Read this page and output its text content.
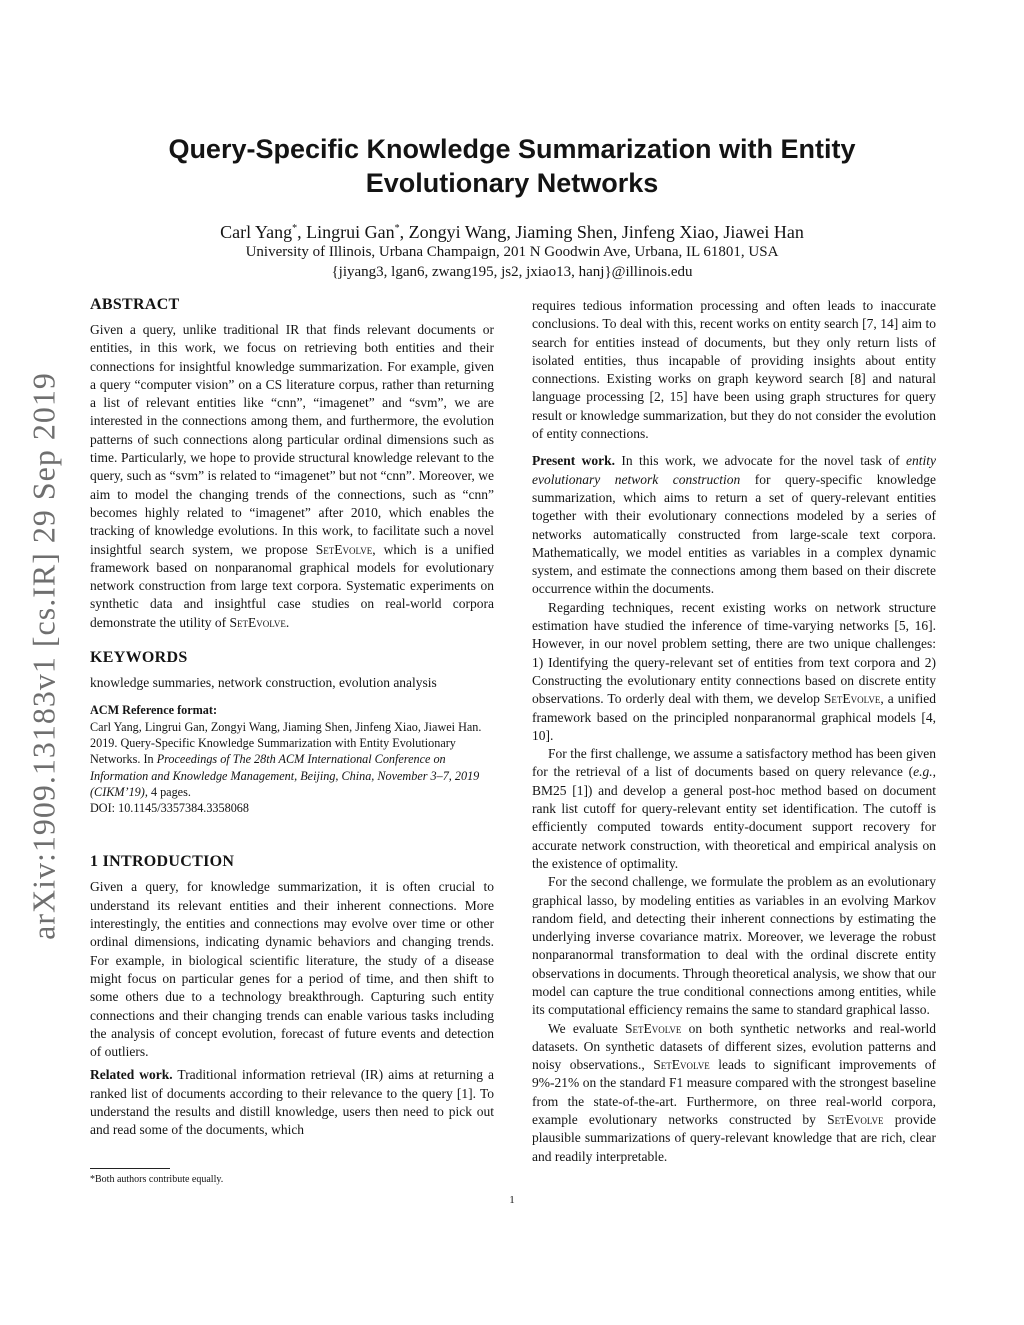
arXiv:1909.13183v1 [cs.IR] 29 Sep 2019
Query-Specific Knowledge Summarization with Entity Evolutionary Networks
Carl Yang*, Lingrui Gan*, Zongyi Wang, Jiaming Shen, Jinfeng Xiao, Jiawei Han
University of Illinois, Urbana Champaign, 201 N Goodwin Ave, Urbana, IL 61801, USA
{jiyang3, lgan6, zwang195, js2, jxiao13, hanj}@illinois.edu
ABSTRACT

Given a query, unlike traditional IR that finds relevant documents or entities, in this work, we focus on retrieving both entities and their connections for insightful knowledge summarization. For example, given a query “computer vision” on a CS literature corpus, rather than returning a list of relevant entities like “cnn”, “imagenet” and “svm”, we are interested in the connections among them, and furthermore, the evolution patterns of such connections along particular ordinal dimensions such as time. Particularly, we hope to provide structural knowledge relevant to the query, such as “svm” is related to “imagenet” but not “cnn”. Moreover, we aim to model the changing trends of the connections, such as “cnn” becomes highly related to “imagenet” after 2010, which enables the tracking of knowledge evolutions. In this work, to facilitate such a novel insightful search system, we propose SetEvolve, which is a unified framework based on nonparanomal graphical models for evolutionary network construction from large text corpora. Systematic experiments on synthetic data and insightful case studies on real-world corpora demonstrate the utility of SetEvolve.

KEYWORDS

knowledge summaries, network construction, evolution analysis

ACM Reference format:

Carl Yang, Lingrui Gan, Zongyi Wang, Jiaming Shen, Jinfeng Xiao, Jiawei Han. 2019. Query-Specific Knowledge Summarization with Entity Evolutionary Networks. In Proceedings of The 28th ACM International Conference on Information and Knowledge Management, Beijing, China, November 3–7, 2019 (CIKM’19), 4 pages.

DOI: 10.1145/3357384.3358068

1 INTRODUCTION

Given a query, for knowledge summarization, it is often crucial to understand its relevant entities and their inherent connections. More interestingly, the entities and connections may evolve over time or other ordinal dimensions, indicating dynamic behaviors and changing trends. For example, in biological scientific literature, the study of a disease might focus on particular genes for a period of time, and then shift to some others due to a technology breakthrough. Capturing such entity connections and their changing trends can enable various tasks including the analysis of concept evolution, forecast of future events and detection of outliers.

Related work. Traditional information retrieval (IR) aims at returning a ranked list of documents according to their relevance to the query [1]. To understand the results and distill knowledge, users then need to pick out and read some of the documents, which

requires tedious information processing and often leads to inaccurate conclusions. To deal with this, recent works on entity search [7, 14] aim to search for entities instead of documents, but they only return lists of isolated entities, thus incapable of providing insights about entity connections. Existing works on graph keyword search [8] and natural language processing [2, 15] have been using graph structures for query result or knowledge summarization, but they do not consider the evolution of entity connections.

Present work. In this work, we advocate for the novel task of entity evolutionary network construction for query-specific knowledge summarization, which aims to return a set of query-relevant entities together with their evolutionary connections modeled by a series of networks automatically constructed from large-scale text corpora. Mathematically, we model entities as variables in a complex dynamic system, and estimate the connections among them based on their discrete occurrence within the documents.

Regarding techniques, recent existing works on network structure estimation have studied the inference of time-varying networks [5, 16]. However, in our novel problem setting, there are two unique challenges: 1) Identifying the query-relevant set of entities from text corpora and 2) Constructing the evolutionary entity connections based on discrete entity observations. To orderly deal with them, we develop SetEvolve, a unified framework based on the principled nonparanormal graphical models [4, 10].

For the first challenge, we assume a satisfactory method has been given for the retrieval of a list of documents based on query relevance (e.g., BM25 [1]) and develop a general post-hoc method based on document rank list cutoff for query-relevant entity set identification. The cutoff is efficiently computed towards entity-document support recovery for accurate network construction, with theoretical and empirical analysis on the existence of optimality.

For the second challenge, we formulate the problem as an evolutionary graphical lasso, by modeling entities as variables in an evolving Markov random field, and detecting their inherent connections by estimating the underlying inverse covariance matrix. Moreover, we leverage the robust nonparanormal transformation to deal with the ordinal discrete entity observations in documents. Through theoretical analysis, we show that our model can capture the true conditional connections among entities, while its computational efficiency remains the same to standard graphical lasso.

We evaluate SetEvolve on both synthetic networks and real-world datasets. On synthetic datasets of different sizes, evolution patterns and noisy observations., SetEvolve leads to significant improvements of 9%-21% on the standard F1 measure compared with the strongest baseline from the state-of-the-art. Furthermore, on three real-world corpora, example evolutionary networks constructed by SetEvolve provide plausible summarizations of query-relevant knowledge that are rich, clear and readily interpretable.

*Both authors contribute equally.
1
